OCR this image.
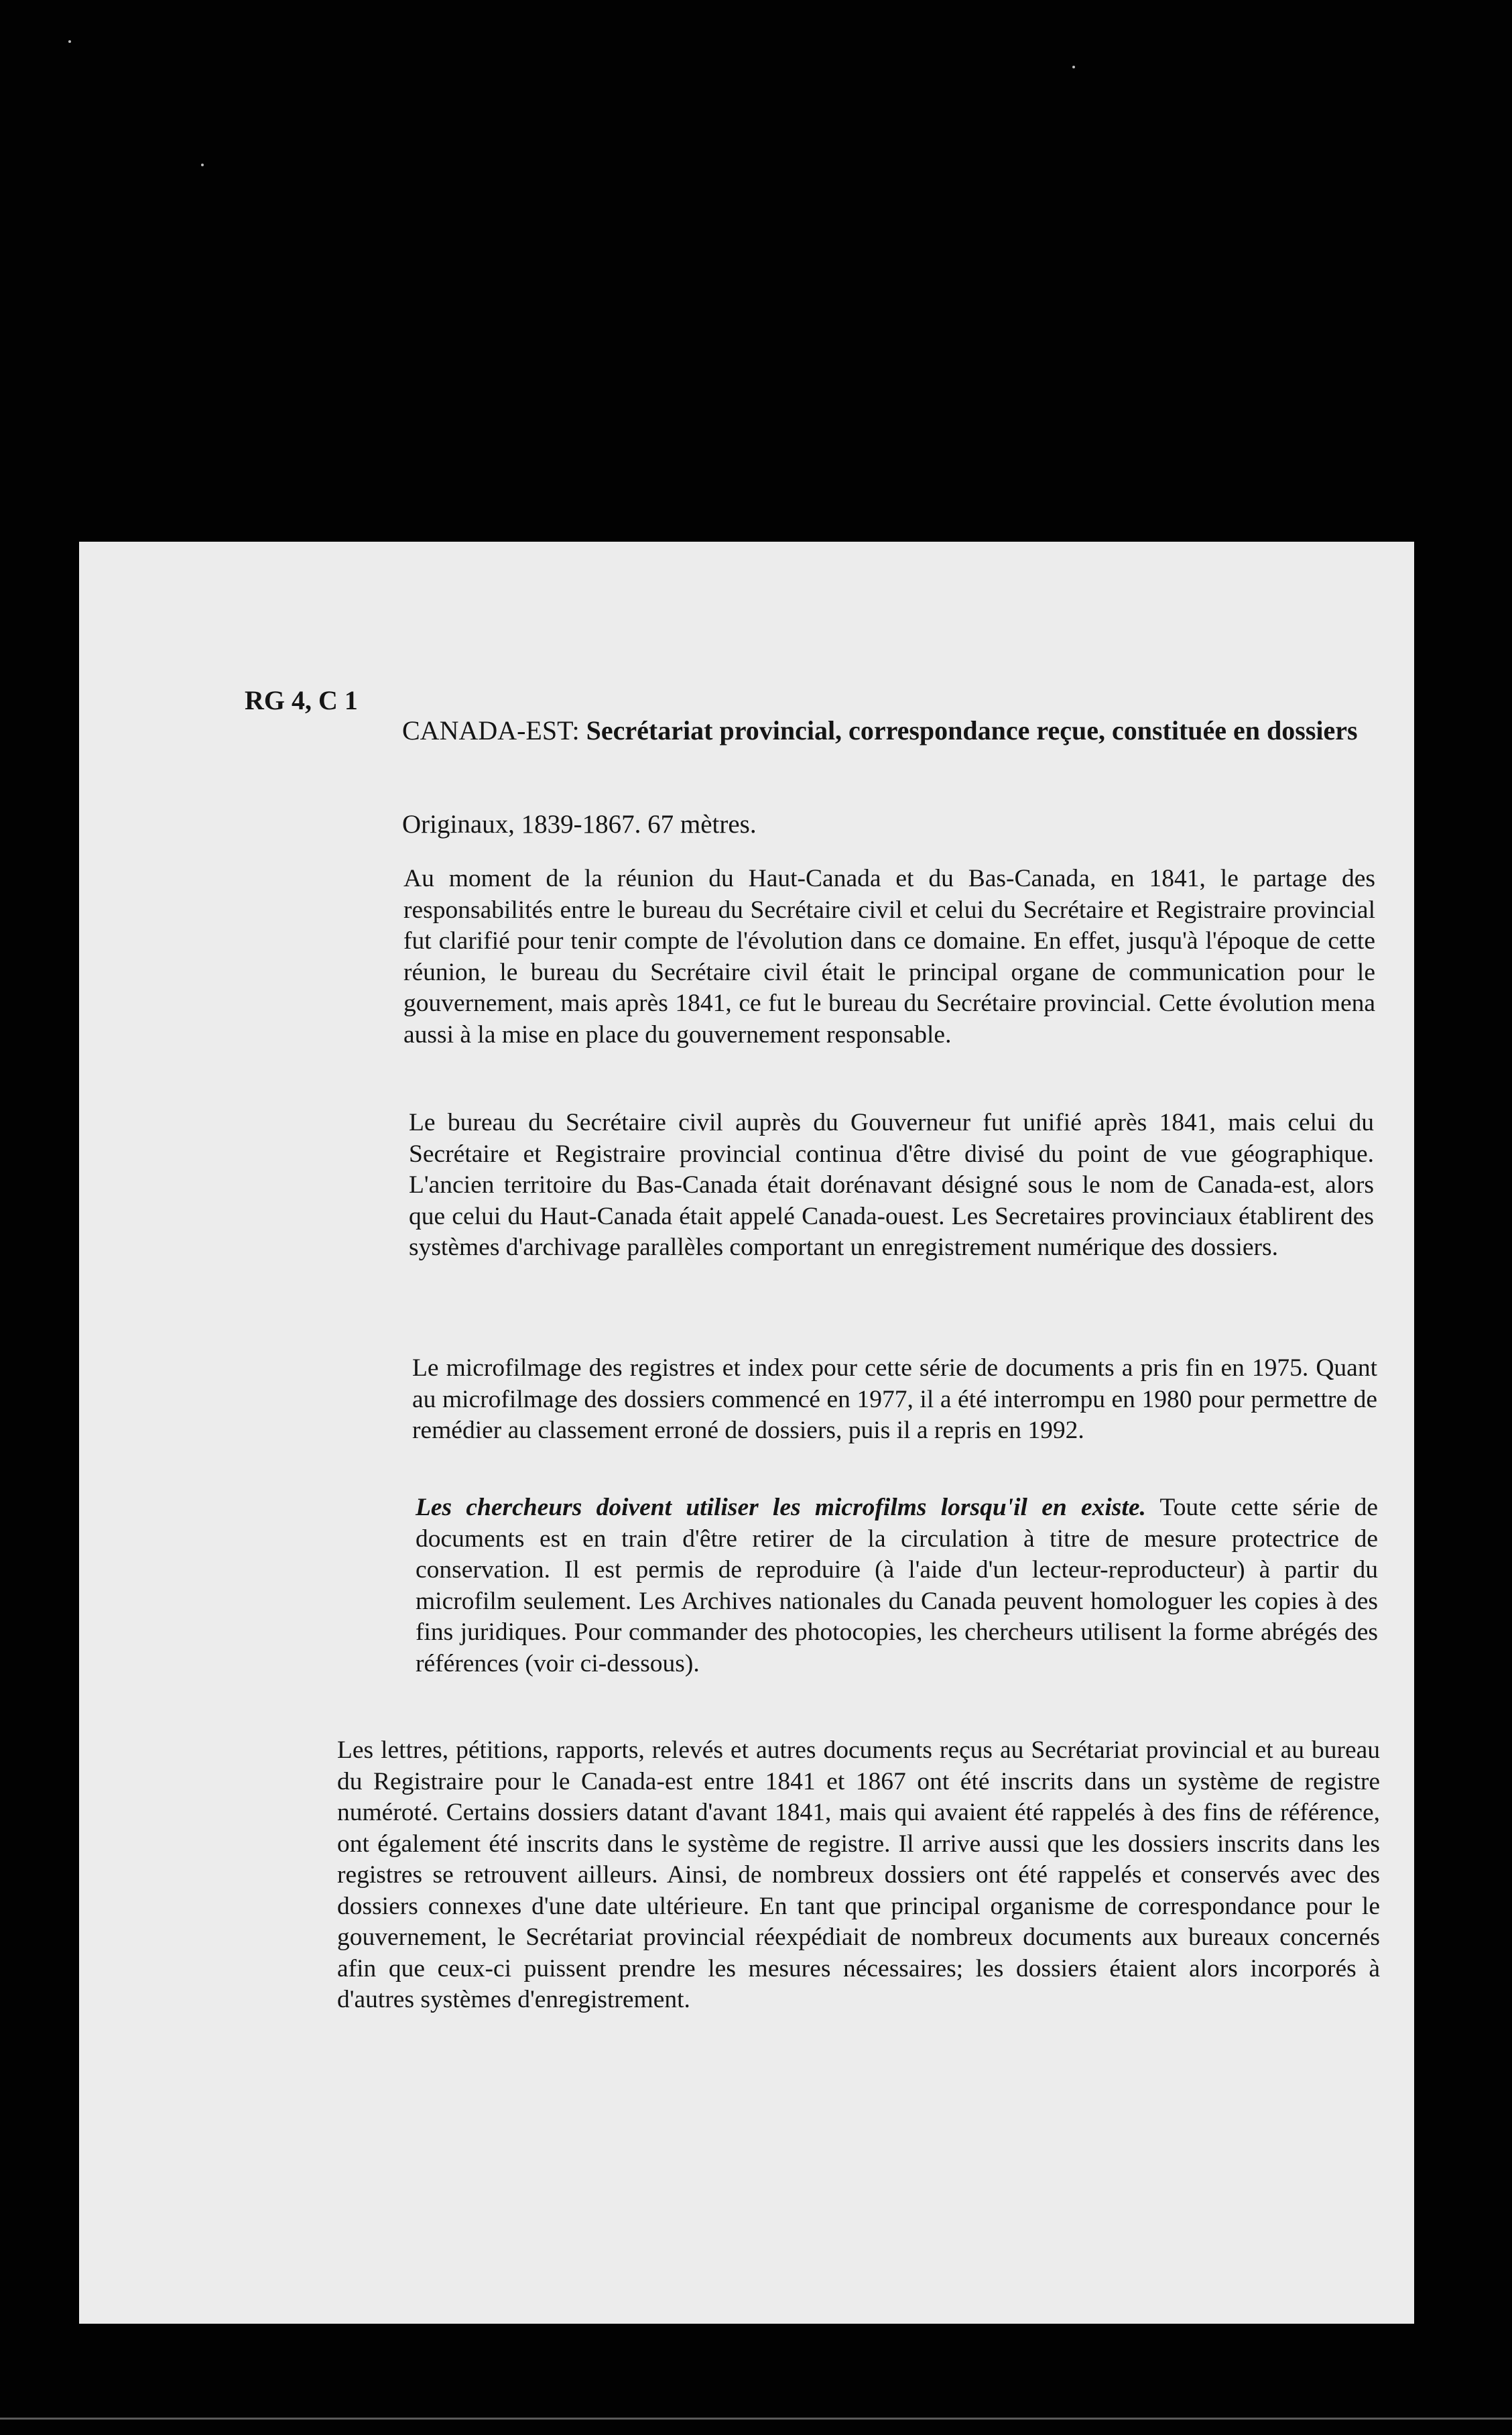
RG 4, C 1
CANADA-EST: Secrétariat provincial, correspondance reçue, constituée en dossiers
Originaux, 1839-1867. 67 mètres.
Au moment de la réunion du Haut-Canada et du Bas-Canada, en 1841, le partage des responsabilités entre le bureau du Secrétaire civil et celui du Secrétaire et Registraire provincial fut clarifié pour tenir compte de l'évolution dans ce domaine. En effet, jusqu'à l'époque de cette réunion, le bureau du Secrétaire civil était le principal organe de communication pour le gouvernement, mais après 1841, ce fut le bureau du Secrétaire provincial. Cette évolution mena aussi à la mise en place du gouvernement responsable.
Le bureau du Secrétaire civil auprès du Gouverneur fut unifié après 1841, mais celui du Secrétaire et Registraire provincial continua d'être divisé du point de vue géographique. L'ancien territoire du Bas-Canada était dorénavant désigné sous le nom de Canada-est, alors que celui du Haut-Canada était appelé Canada-ouest. Les Secretaires provinciaux établirent des systèmes d'archivage parallèles comportant un enregistrement numérique des dossiers.
Le microfilmage des registres et index pour cette série de documents a pris fin en 1975. Quant au microfilmage des dossiers commencé en 1977, il a été interrompu en 1980 pour permettre de remédier au classement erroné de dossiers, puis il a repris en 1992.
Les chercheurs doivent utiliser les microfilms lorsqu'il en existe. Toute cette série de documents est en train d'être retirer de la circulation à titre de mesure protectrice de conservation. Il est permis de reproduire (à l'aide d'un lecteur-reproducteur) à partir du microfilm seulement. Les Archives nationales du Canada peuvent homologuer les copies à des fins juridiques. Pour commander des photocopies, les chercheurs utilisent la forme abrégés des références (voir ci-dessous).
Les lettres, pétitions, rapports, relevés et autres documents reçus au Secrétariat provincial et au bureau du Registraire pour le Canada-est entre 1841 et 1867 ont été inscrits dans un système de registre numéroté. Certains dossiers datant d'avant 1841, mais qui avaient été rappelés à des fins de référence, ont également été inscrits dans le système de registre. Il arrive aussi que les dossiers inscrits dans les registres se retrouvent ailleurs. Ainsi, de nombreux dossiers ont été rappelés et conservés avec des dossiers connexes d'une date ultérieure. En tant que principal organisme de correspondance pour le gouvernement, le Secrétariat provincial réexpédiait de nombreux documents aux bureaux concernés afin que ceux-ci puissent prendre les mesures nécessaires; les dossiers étaient alors incorporés à d'autres systèmes d'enregistrement.
